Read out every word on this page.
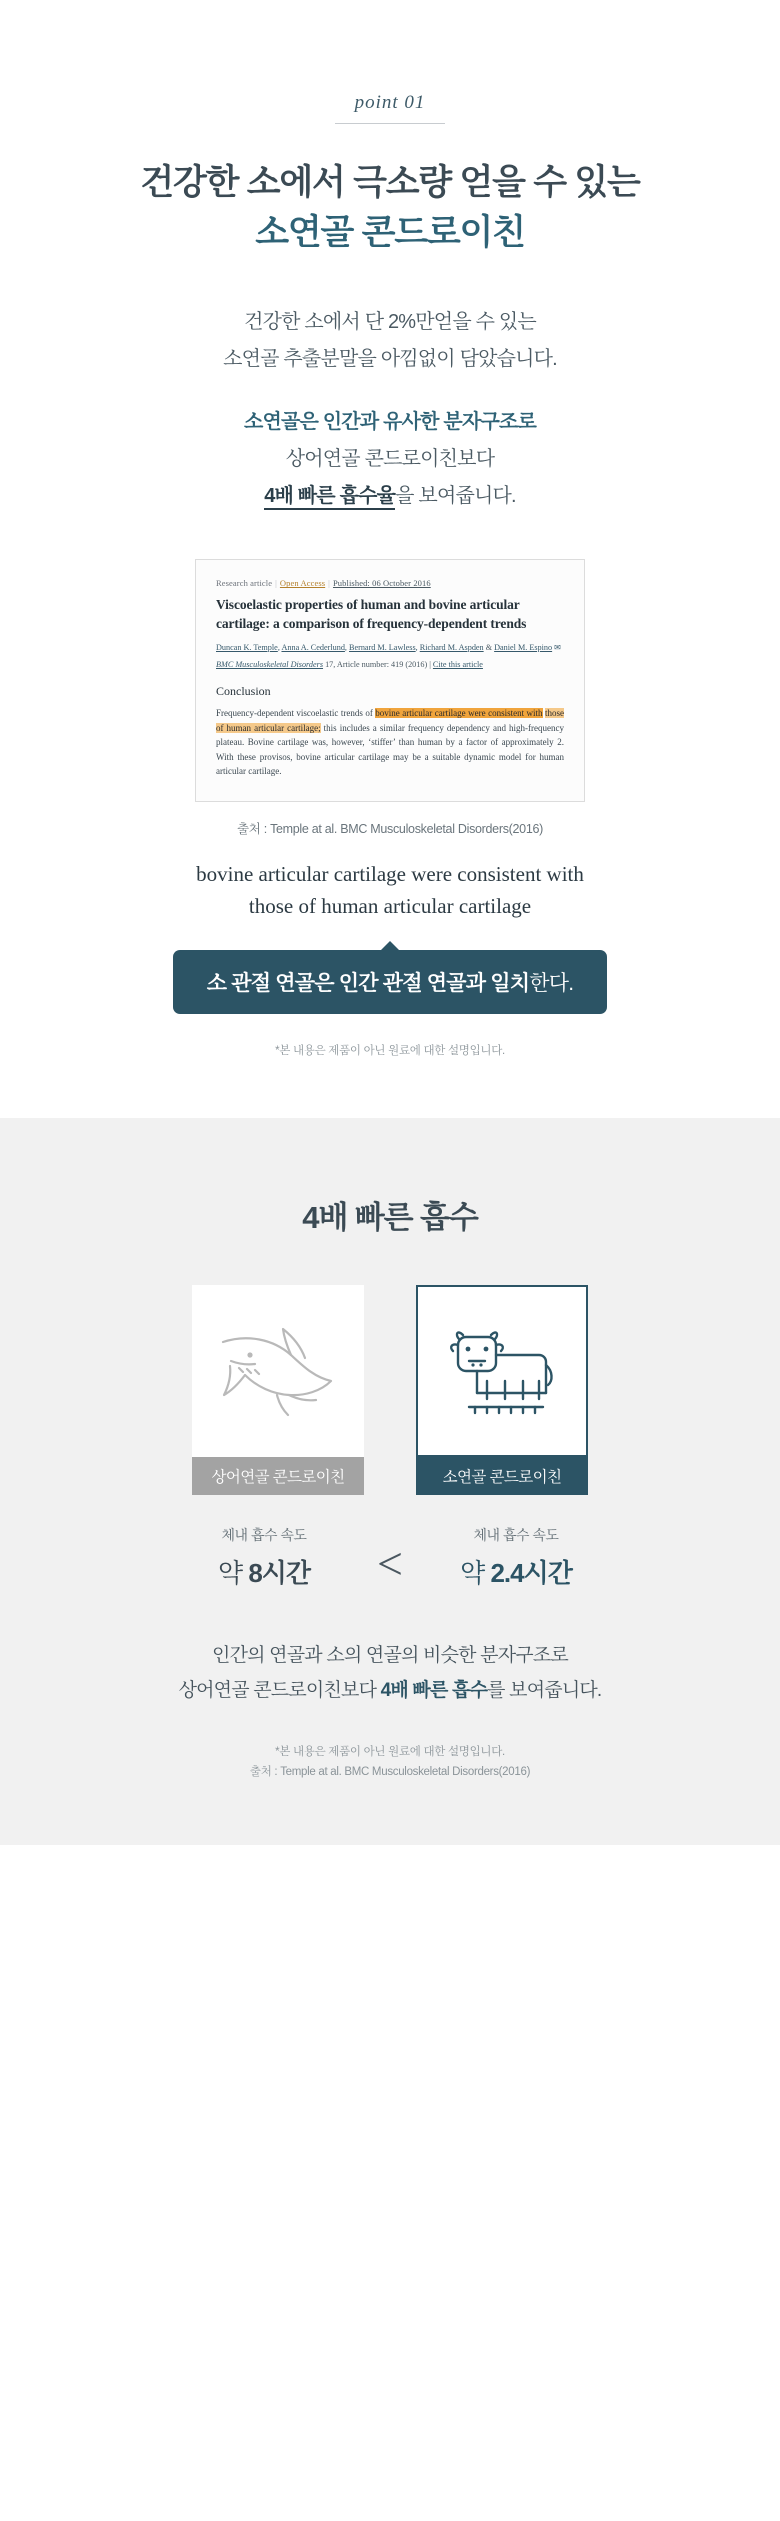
point 01
건강한 소에서 극소량 얻을 수 있는
소연골 콘드로이친

건강한 소에서 단 2%만얻을 수 있는
소연골 추출분말을 아낌없이 담았습니다.

소연골은 인간과 유사한 분자구조로
상어연골 콘드로이친보다
4배 빠른 흡수율을 보여줍니다.

Research article | Open Access | Published: 06 October 2016
Viscoelastic properties of human and bovine articular cartilage: a comparison of frequency-dependent trends
Duncan K. Temple, Anna A. Cederlund, Bernard M. Lawless, Richard M. Aspden & Daniel M. Espino ✉
BMC Musculoskeletal Disorders 17, Article number: 419 (2016) | Cite this article
Conclusion
Frequency-dependent viscoelastic trends of bovine articular cartilage were consistent with those of human articular cartilage; this includes a similar frequency dependency and high-frequency plateau. Bovine cartilage was, however, ‘stiffer’ than human by a factor of approximately 2. With these provisos, bovine articular cartilage may be a suitable dynamic model for human articular cartilage.
출처 : Temple at al. BMC Musculoskeletal Disorders(2016)

bovine articular cartilage were consistent with
those of human articular cartilage

소 관절 연골은 인간 관절 연골과 일치한다.
*본 내용은 제품이 아닌 원료에 대한 설명입니다.
4배 빠른 흡수
상어연골 콘드로이친	소연골 콘드로이친
체내 흡수 속도
약 8시간	<
체내 흡수 속도
약 2.4시간

인간의 연골과 소의 연골의 비슷한 분자구조로
상어연골 콘드로이친보다 4배 빠른 흡수를 보여줍니다.

*본 내용은 제품이 아닌 원료에 대한 설명입니다.
출처 : Temple at al. BMC Musculoskeletal Disorders(2016)
